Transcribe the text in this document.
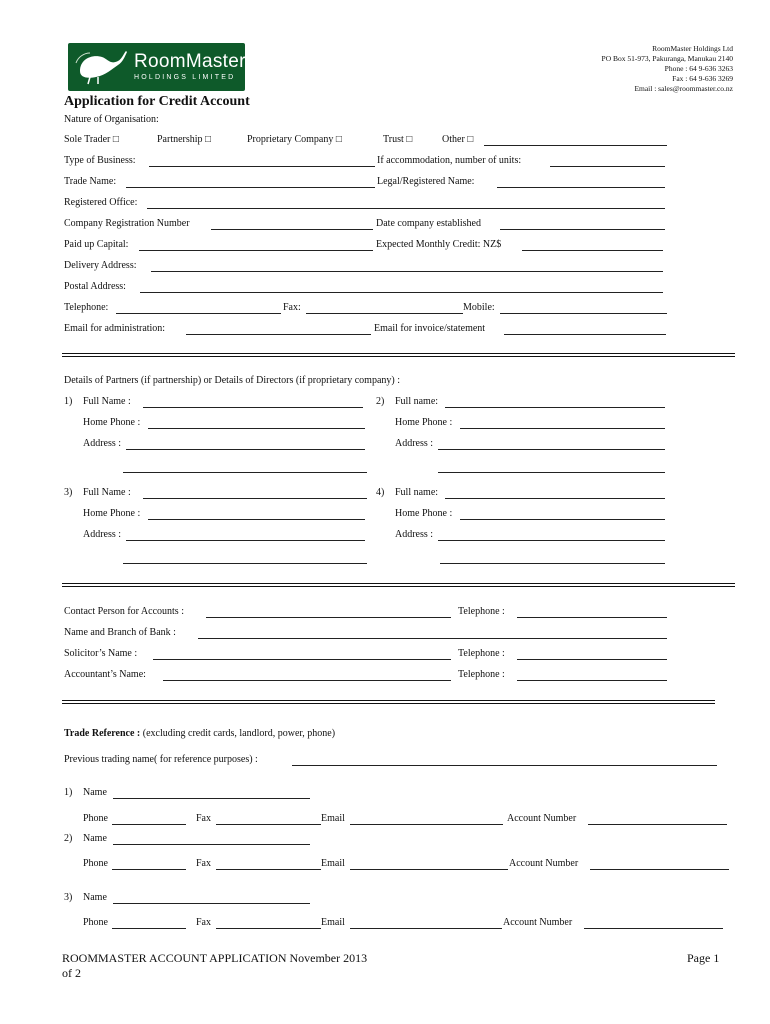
RoomMaster
HOLDINGS LIMITED
RoomMaster Holdings Ltd
PO Box 51-973, Pakuranga, Manukau 2140
Phone : 64 9-636 3263
Fax : 64 9-636 3269
Email : sales@roommaster.co.nz
Application for Credit Account
Nature of Organisation:
Sole Trader □	Partnership □	Proprietary Company □	Trust □	Other □
Type of Business:	If accommodation, number of units:
Trade Name:	Legal/Registered Name:
Registered Office:
Company Registration Number	Date company established
Paid up Capital:	Expected Monthly Credit: NZ$
Delivery Address:
Postal Address:
Telephone:	Fax:	Mobile:
Email for administration:	Email for invoice/statement
Details of Partners (if partnership) or Details of Directors (if proprietary company) :
1) Full Name :	2) Full name:
Home Phone :	Home Phone :
Address :	Address :
3) Full Name :	4) Full name:
Home Phone :	Home Phone :
Address :	Address :
Contact Person for Accounts :	Telephone :
Name and Branch of Bank :
Solicitor’s Name :	Telephone :
Accountant’s Name:	Telephone :
Trade Reference : (excluding credit cards, landlord, power, phone)
Previous trading name( for reference purposes) :
1) Name
Phone	Fax	Email	Account Number
2) Name
Phone	Fax	Email	Account Number
3) Name
Phone	Fax	Email	Account Number
ROOMMASTER ACCOUNT APPLICATION November 2013
of 2
Page 1
